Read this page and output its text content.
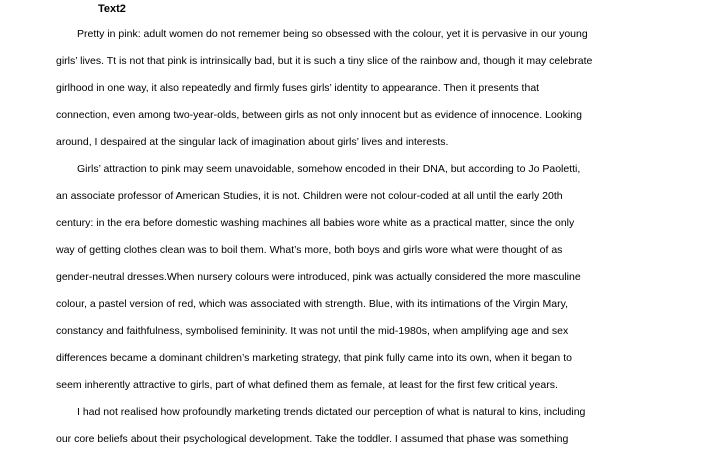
Text2
Pretty in pink: adult women do not rememer being so obsessed with the colour, yet it is pervasive in our young
girls’ lives. Tt is not that pink is intrinsically bad, but it is such a tiny slice of the rainbow and, though it may celebrate
girlhood in one way, it also repeatedly and firmly fuses girls’ identity to appearance. Then it presents that
connection, even among two-year-olds, between girls as not only innocent but as evidence of innocence. Looking
around, I despaired at the singular lack of imagination about girls’ lives and interests.
Girls’ attraction to pink may seem unavoidable, somehow encoded in their DNA, but according to Jo Paoletti,
an associate professor of American Studies, it is not. Children were not colour-coded at all until the early 20th
century: in the era before domestic washing machines all babies wore white as a practical matter, since the only
way of getting clothes clean was to boil them. What’s more, both boys and girls wore what were thought of as
gender-neutral dresses.When nursery colours were introduced, pink was actually considered the more masculine
colour, a pastel version of red, which was associated with strength. Blue, with its intimations of the Virgin Mary,
constancy and faithfulness, symbolised femininity. It was not until the mid-1980s, when amplifying age and sex
differences became a dominant children’s marketing strategy, that pink fully came into its own, when it began to
seem inherently attractive to girls, part of what defined them as female, at least for the first few critical years.
I had not realised how profoundly marketing trends dictated our perception of what is natural to kins, including
our core beliefs about their psychological development. Take the toddler. I assumed that phase was something
